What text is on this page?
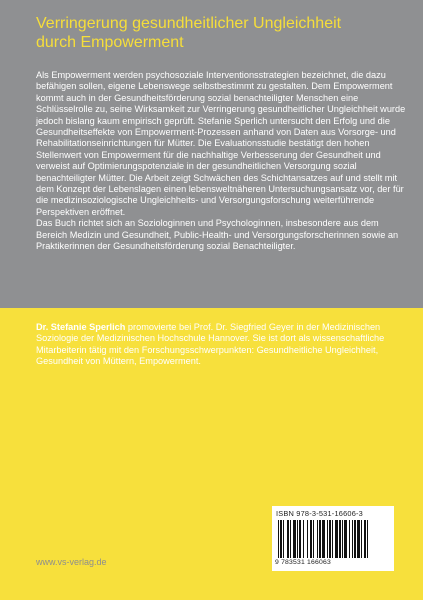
Verringerung gesundheitlicher Ungleichheit
durch Empowerment

Als Empowerment werden psychosoziale Interventionsstrategien bezeichnet, die dazu befähigen sollen, eigene Lebenswege selbstbestimmt zu gestalten. Dem Empowerment kommt auch in der Gesundheitsförderung sozial benachteiligter Menschen eine Schlüsselrolle zu, seine Wirksamkeit zur Verringerung gesundheitlicher Ungleichheit wurde jedoch bislang kaum empirisch geprüft. Stefanie Sperlich untersucht den Erfolg und die Gesundheitseffekte von Empowerment-Prozessen anhand von Daten aus Vorsorge- und Rehabilitationseinrichtungen für Mütter. Die Evaluationsstudie bestätigt den hohen Stellenwert von Empowerment für die nachhaltige Verbesserung der Gesundheit und verweist auf Optimierungspotenziale in der gesundheitlichen Versorgung sozial benachteiligter Mütter. Die Arbeit zeigt Schwächen des Schichtansatzes auf und stellt mit dem Konzept der Lebenslagen einen lebensweltnäheren Untersuchungsansatz vor, der für die medizinsoziologische Ungleichheits- und Versorgungsforschung weiterführende Perspektiven eröffnet.

Das Buch richtet sich an Soziologinnen und Psychologinnen, insbesondere aus dem Bereich Medizin und Gesundheit, Public-Health- und Versorgungsforscherinnen sowie an Praktikerinnen der Gesundheitsförderung sozial Benachteiligter.

Dr. Stefanie Sperlich promovierte bei Prof. Dr. Siegfried Geyer in der Medizinischen Soziologie der Medizinischen Hochschule Hannover. Sie ist dort als wissenschaftliche Mitarbeiterin tätig mit den Forschungsschwerpunkten: Gesundheitliche Ungleichheit, Gesundheit von Müttern, Empowerment.
ISBN 978-3-531-16606-3
9 783531 166063
www.vs-verlag.de
